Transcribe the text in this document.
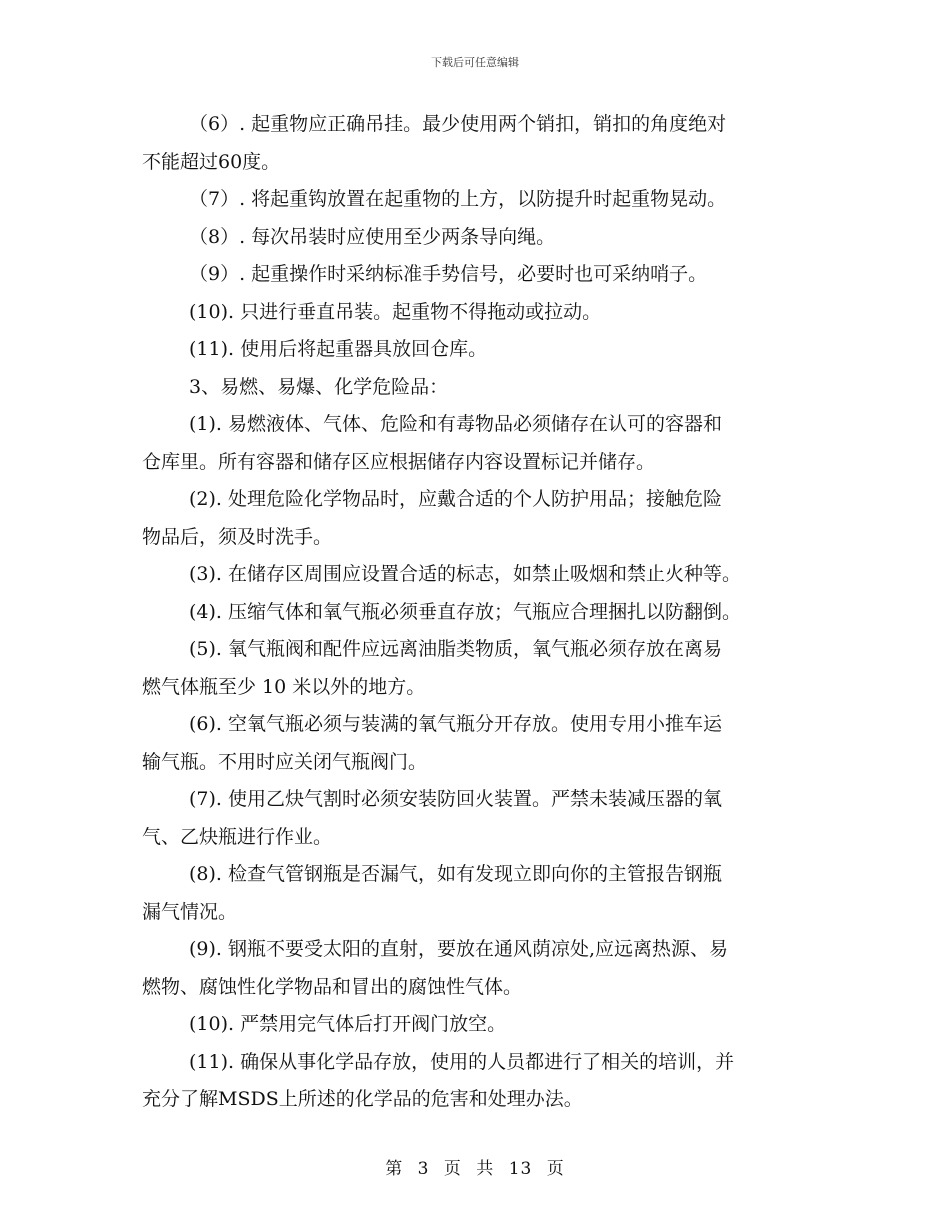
下载后可任意编辑

（6）. 起重物应正确吊挂。最少使用两个销扣，销扣的角度绝对
不能超过60度。

（7）. 将起重钩放置在起重物的上方，以防提升时起重物晃动。

（8）. 每次吊装时应使用至少两条导向绳。

（9）. 起重操作时采纳标准手势信号，必要时也可采纳哨子。

(10). 只进行垂直吊装。起重物不得拖动或拉动。

(11). 使用后将起重器具放回仓库。

3、易燃、易爆、化学危险品：

(1). 易燃液体、气体、危险和有毒物品必须储存在认可的容器和
仓库里。所有容器和储存区应根据储存内容设置标记并储存。

(2). 处理危险化学物品时，应戴合适的个人防护用品；接触危险
物品后，须及时洗手。

(3). 在储存区周围应设置合适的标志，如禁止吸烟和禁止火种等。

(4). 压缩气体和氧气瓶必须垂直存放；气瓶应合理捆扎以防翻倒。

(5). 氧气瓶阀和配件应远离油脂类物质，氧气瓶必须存放在离易
燃气体瓶至少 10 米以外的地方。

(6). 空氧气瓶必须与装满的氧气瓶分开存放。使用专用小推车运
输气瓶。不用时应关闭气瓶阀门。

(7). 使用乙炔气割时必须安装防回火装置。严禁未装减压器的氧
气、乙炔瓶进行作业。

(8). 检查气管钢瓶是否漏气，如有发现立即向你的主管报告钢瓶
漏气情况。

(9). 钢瓶不要受太阳的直射，要放在通风荫凉处,应远离热源、易
燃物、腐蚀性化学物品和冒出的腐蚀性气体。

(10). 严禁用完气体后打开阀门放空。

(11). 确保从事化学品存放，使用的人员都进行了相关的培训，并
充分了解MSDS上所述的化学品的危害和处理办法。

第 3 页 共 13 页
